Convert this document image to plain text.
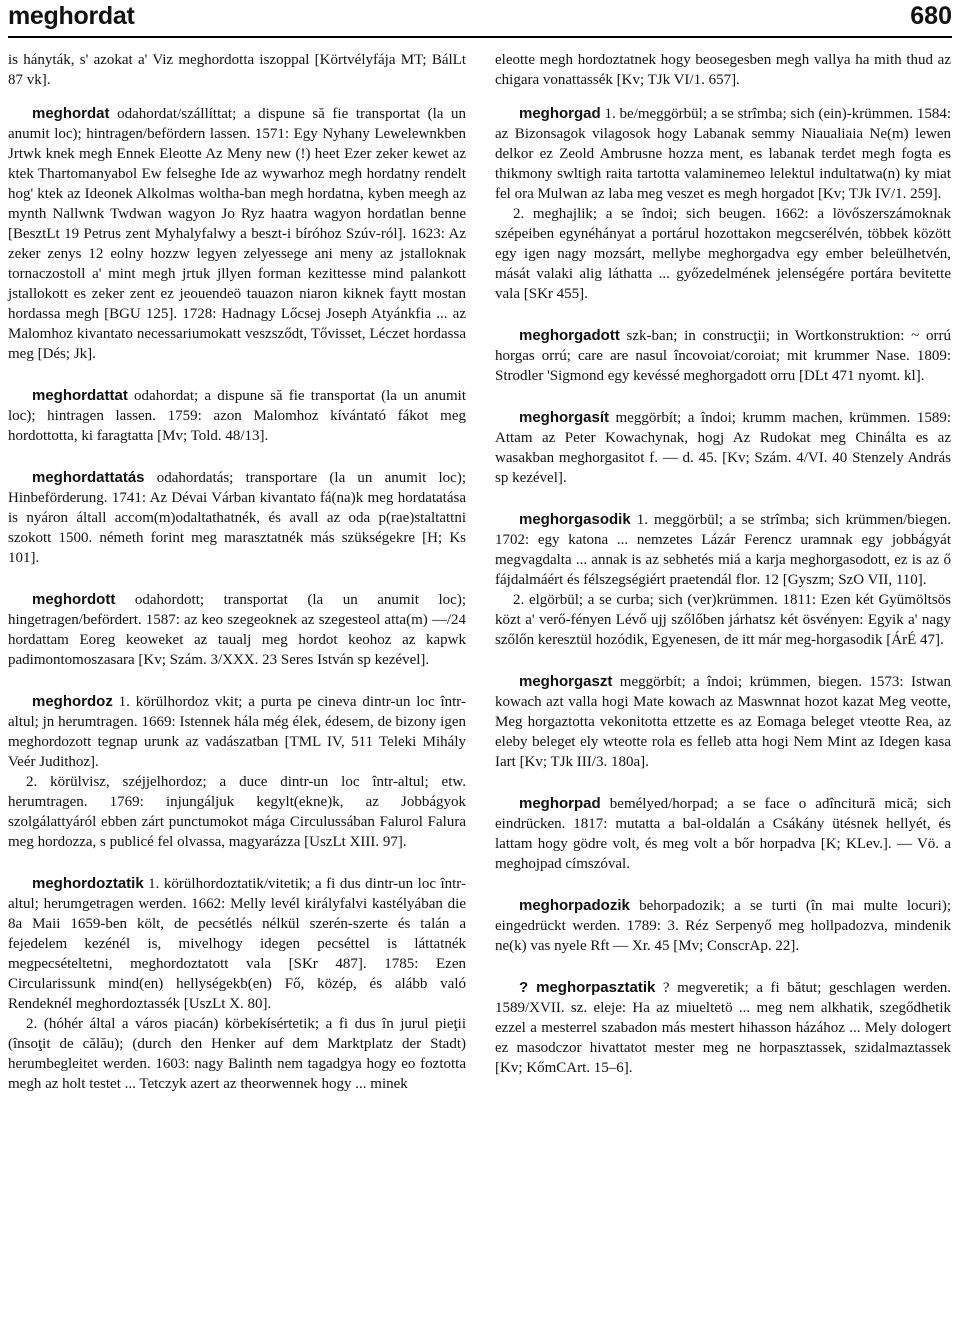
meghordat	680
is hányták, s' azokat a' Viz meghordotta iszoppal [Körtvélyfája MT; BálLt 87 vk].
meghordat odahordat/szállíttat; a dispune să fie transportat (la un anumit loc); hintragen/befördern lassen. 1571: Egy Nyhany Lewelewnkben Jrtwk knek megh Ennek Eleotte Az Meny new (!) heet Ezer zeker kewet az ktek Thartomanyabol Ew felseghe Ide az wywarhoz megh hordatny rendelt hog' ktek az Ideonek Alkolmas woltha-ban megh hordatna, kyben meegh az mynth Nallwnk Twdwan wagyon Jo Ryz haatra wagyon hordatlan benne [BesztLt 19 Petrus zent Myhalyfalwy a beszt-i bíróhoz Szúv-ról]. 1623: Az zeker zenys 12 eolny hozzw legyen zelyessege ani meny az jstalloknak tornaczostoll a' mint megh jrtuk jllyen forman kezittesse mind palankott jstallokott es zeker zent ez jeouendeö tauazon niaron kiknek faytt mostan hordassa megh [BGU 125]. 1728: Hadnagy Lőcsej Joseph Atyánkfia ... az Malomhoz kivantato necessariumokatt veszsződt, Tővisset, Léczet hordassa meg [Dés; Jk].
meghordattat odahordat; a dispune să fie transportat (la un anumit loc); hintragen lassen. 1759: azon Malomhoz kívántató fákot meg hordottotta, ki faragtatta [Mv; Told. 48/13].
meghordattatás odahordatás; transportare (la un anumit loc); Hinbeförderung. 1741: Az Dévai Várban kivantato fá(na)k meg hordatatása is nyáron általl accom(m)odaltathatnék, és avall az oda p(rae)staltattni szokott 1500. németh forint meg marasztatnék más szükségekre [H; Ks 101].
meghordott odahordott; transportat (la un anumit loc); hingetragen/befördert. 1587: az keo szegeoknek az szegesteol atta(m) —/24 hordattam Eoreg keoweket az taualj meg hordot keohoz az kapwk padimontomoszasara [Kv; Szám. 3/XXX. 23 Seres István sp kezével].
meghordoz 1. körülhordoz vkit; a purta pe cineva dintr-un loc într-altul; jn herumtragen. 1669: Istennek hála még élek, édesem, de bizony igen meghordozott tegnap urunk az vadászatban [TML IV, 511 Teleki Mihály Veér Judithoz].
2. körülvisz, széjjelhordoz; a duce dintr-un loc într-altul; etw. herumtragen. 1769: injungáljuk kegylt(ekne)k, az Jobbágyok szolgálattyáról ebben zárt punctumokot mága Circulussában Falurol Falura meg hordozza, s publicé fel olvassa, magyarázza [UszLt XIII. 97].
meghordoztatik 1. körülhordoztatik/vitetik; a fi dus dintr-un loc într-altul; herumgetragen werden. 1662: Melly levél királyfalvi kastélyában die 8a Maii 1659-ben költ, de pecsétlés nélkül szerén-szerte és talán a fejedelem kezénél is, mivelhogy idegen pecséttel is láttatnék megpecsételtetni, meghordoztatott vala [SKr 487]. 1785: Ezen Circularissunk mind(en) hellységekb(en) Fő, közép, és alább való Rendeknél meghordoztassék [UszLt X. 80].
2. (hóhér által a város piacán) körbekísértetik; a fi dus în jurul pieţii (însoţit de călău); (durch den Henker auf dem Marktplatz der Stadt) herumbegleitet werden. 1603: nagy Balinth nem tagadgya hogy eo foztotta megh az holt testet ... Tetczyk azert az theorwennek hogy ... minek
eleotte megh hordoztatnek hogy beosegesben megh vallya ha mith thud az chigara vonattassék [Kv; TJk VI/1. 657].
meghorgad 1. be/meggörbül; a se strîmba; sich (ein)-krümmen. 1584: az Bizonsagok vilagosok hogy Labanak semmy Niaualiaia Ne(m) lewen delkor ez Zeold Ambrusne hozza ment, es labanak terdet megh fogta es thikmony swltigh raita tartotta valaminemeo lelektul indultatwa(n) ky miat fel ora Mulwan az laba meg veszet es megh horgadot [Kv; TJk IV/1. 259].
2. meghajlik; a se îndoi; sich beugen. 1662: a lövőszerszámoknak szépeiben egynéhányat a portárul hozottakon megcserélvén, többek között egy igen nagy mozsárt, mellybe meghorgadva egy ember beleülhetvén, mását valaki alig láthatta ... győzedelmének jelenségére portára bevitette vala [SKr 455].
meghorgadott szk-ban; in construcţii; in Wortkonstruktion: ~ orrú horgas orrú; care are nasul încovoiat/coroiat; mit krummer Nase. 1809: Strodler 'Sigmond egy kevéssé meghorgadott orru [DLt 471 nyomt. kl].
meghorgasít meggörbít; a îndoi; krumm machen, krümmen. 1589: Attam az Peter Kowachynak, hogj Az Rudokat meg Chinálta es az wasakban meghorgasitot f. — d. 45. [Kv; Szám. 4/VI. 40 Stenzely András sp kezével].
meghorgasodik 1. meggörbül; a se strîmba; sich krümmen/biegen. 1702: egy katona ... nemzetes Lázár Ferencz uramnak egy jobbágyát megvagdalta ... annak is az sebhetés miá a karja meghorgasodott, ez is az ő fájdalmáért és félszegségiért praetendál flor. 12 [Gyszm; SzO VII, 110].
2. elgörbül; a se curba; sich (ver)krümmen. 1811: Ezen két Gyümöltsös közt a' verő-fényen Lévő ujj szőlőben járhatsz két ösvényen: Egyik a' nagy szőlőn keresztül hozódik, Egyenesen, de itt már meg-horgasodik [ÁrÉ 47].
meghorgaszt meggörbít; a îndoi; krümmen, biegen. 1573: Istwan kowach azt valla hogi Mate kowach az Maswnnat hozot kazat Meg veotte, Meg horgaztotta vekonitotta ettzette es az Eomaga beleget vteotte Rea, az eleby beleget ely wteotte rola es felleb atta hogi Nem Mint az Idegen kasa Iart [Kv; TJk III/3. 180a].
meghorpad bemélyed/horpad; a se face o adîncitură mică; sich eindrücken. 1817: mutatta a bal-oldalán a Csákány ütésnek hellyét, és lattam hogy gödre volt, és meg volt a bőr horpadva [K; KLev.]. — Vö. a meghojpad címszóval.
meghorpadozik behorpadozik; a se turti (în mai multe locuri); eingedrückt werden. 1789: 3. Réz Serpenyő meg hollpadozva, mindenik ne(k) vas nyele Rft — Xr. 45 [Mv; ConscrAp. 22].
? meghorpasztatik ? megveretik; a fi bătut; geschlagen werden. 1589/XVII. sz. eleje: Ha az miueltetö ... meg nem alkhatik, szegődhetik ezzel a mesterrel szabadon más mestert hihasson házához ... Mely dologert ez masodczor hivattatot mester meg ne horpasztassek, szidalmaztassek [Kv; KőmCArt. 15–6].
